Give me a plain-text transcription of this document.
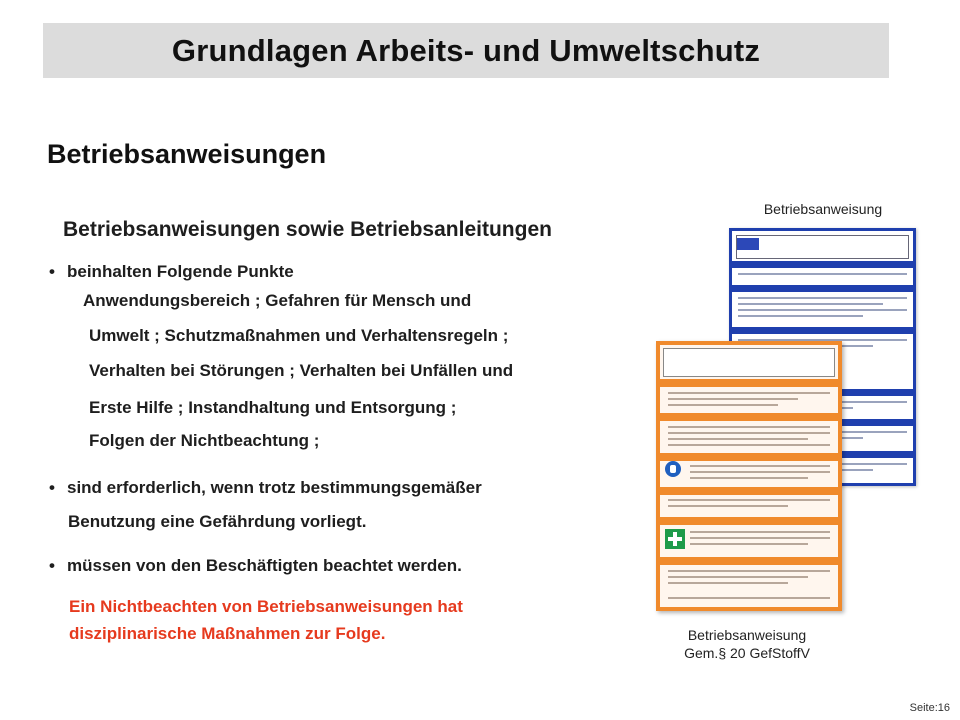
Grundlagen Arbeits- und Umweltschutz
Betriebsanweisungen
Betriebsanweisungen sowie Betriebsanleitungen
• beinhalten Folgende Punkte
Anwendungsbereich ; Gefahren für Mensch und
Umwelt ; Schutzmaßnahmen und Verhaltensregeln ;
Verhalten bei Störungen ; Verhalten bei Unfällen und
Erste Hilfe ; Instandhaltung und Entsorgung ;
Folgen der Nichtbeachtung ;
• sind erforderlich, wenn trotz bestimmungsgemäßer
Benutzung eine Gefährdung vorliegt.
• müssen von den Beschäftigten beachtet werden.

Ein Nichtbeachten von Betriebsanweisungen hat
disziplinarische Maßnahmen zur Folge.

Betriebsanweisung
Betriebsanweisung
Gem.§ 20 GefStoffV
Seite:16
